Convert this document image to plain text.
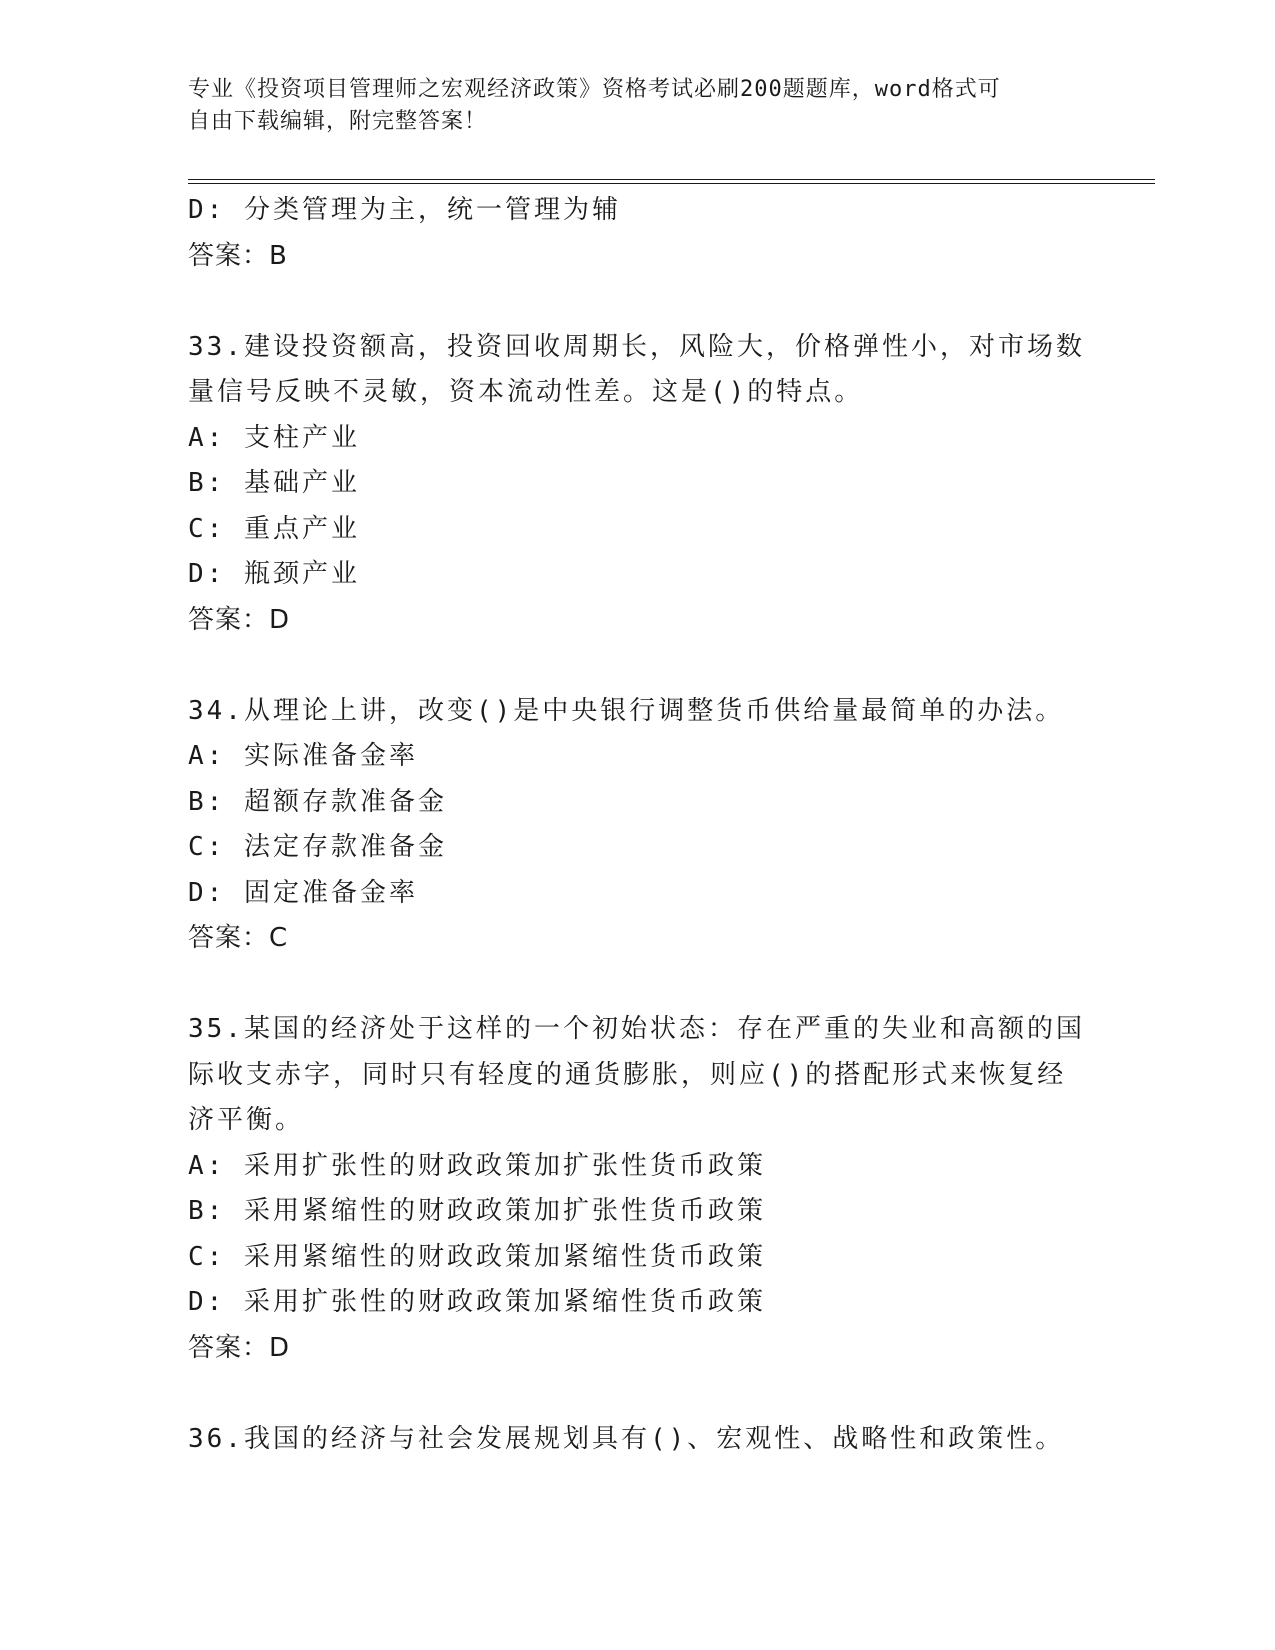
专业《投资项目管理师之宏观经济政策》资格考试必刷200题题库，word格式可
自由下载编辑，附完整答案！
D: 分类管理为主，统一管理为辅
答案：B
33.建设投资额高，投资回收周期长，风险大，价格弹性小，对市场数
量信号反映不灵敏，资本流动性差。这是()的特点。
A: 支柱产业
B: 基础产业
C: 重点产业
D: 瓶颈产业
答案：D
34.从理论上讲，改变()是中央银行调整货币供给量最简单的办法。
A: 实际准备金率
B: 超额存款准备金
C: 法定存款准备金
D: 固定准备金率
答案：C
35.某国的经济处于这样的一个初始状态：存在严重的失业和高额的国
际收支赤字，同时只有轻度的通货膨胀，则应()的搭配形式来恢复经
济平衡。
A: 采用扩张性的财政政策加扩张性货币政策
B: 采用紧缩性的财政政策加扩张性货币政策
C: 采用紧缩性的财政政策加紧缩性货币政策
D: 采用扩张性的财政政策加紧缩性货币政策
答案：D
36.我国的经济与社会发展规划具有()、宏观性、战略性和政策性。
